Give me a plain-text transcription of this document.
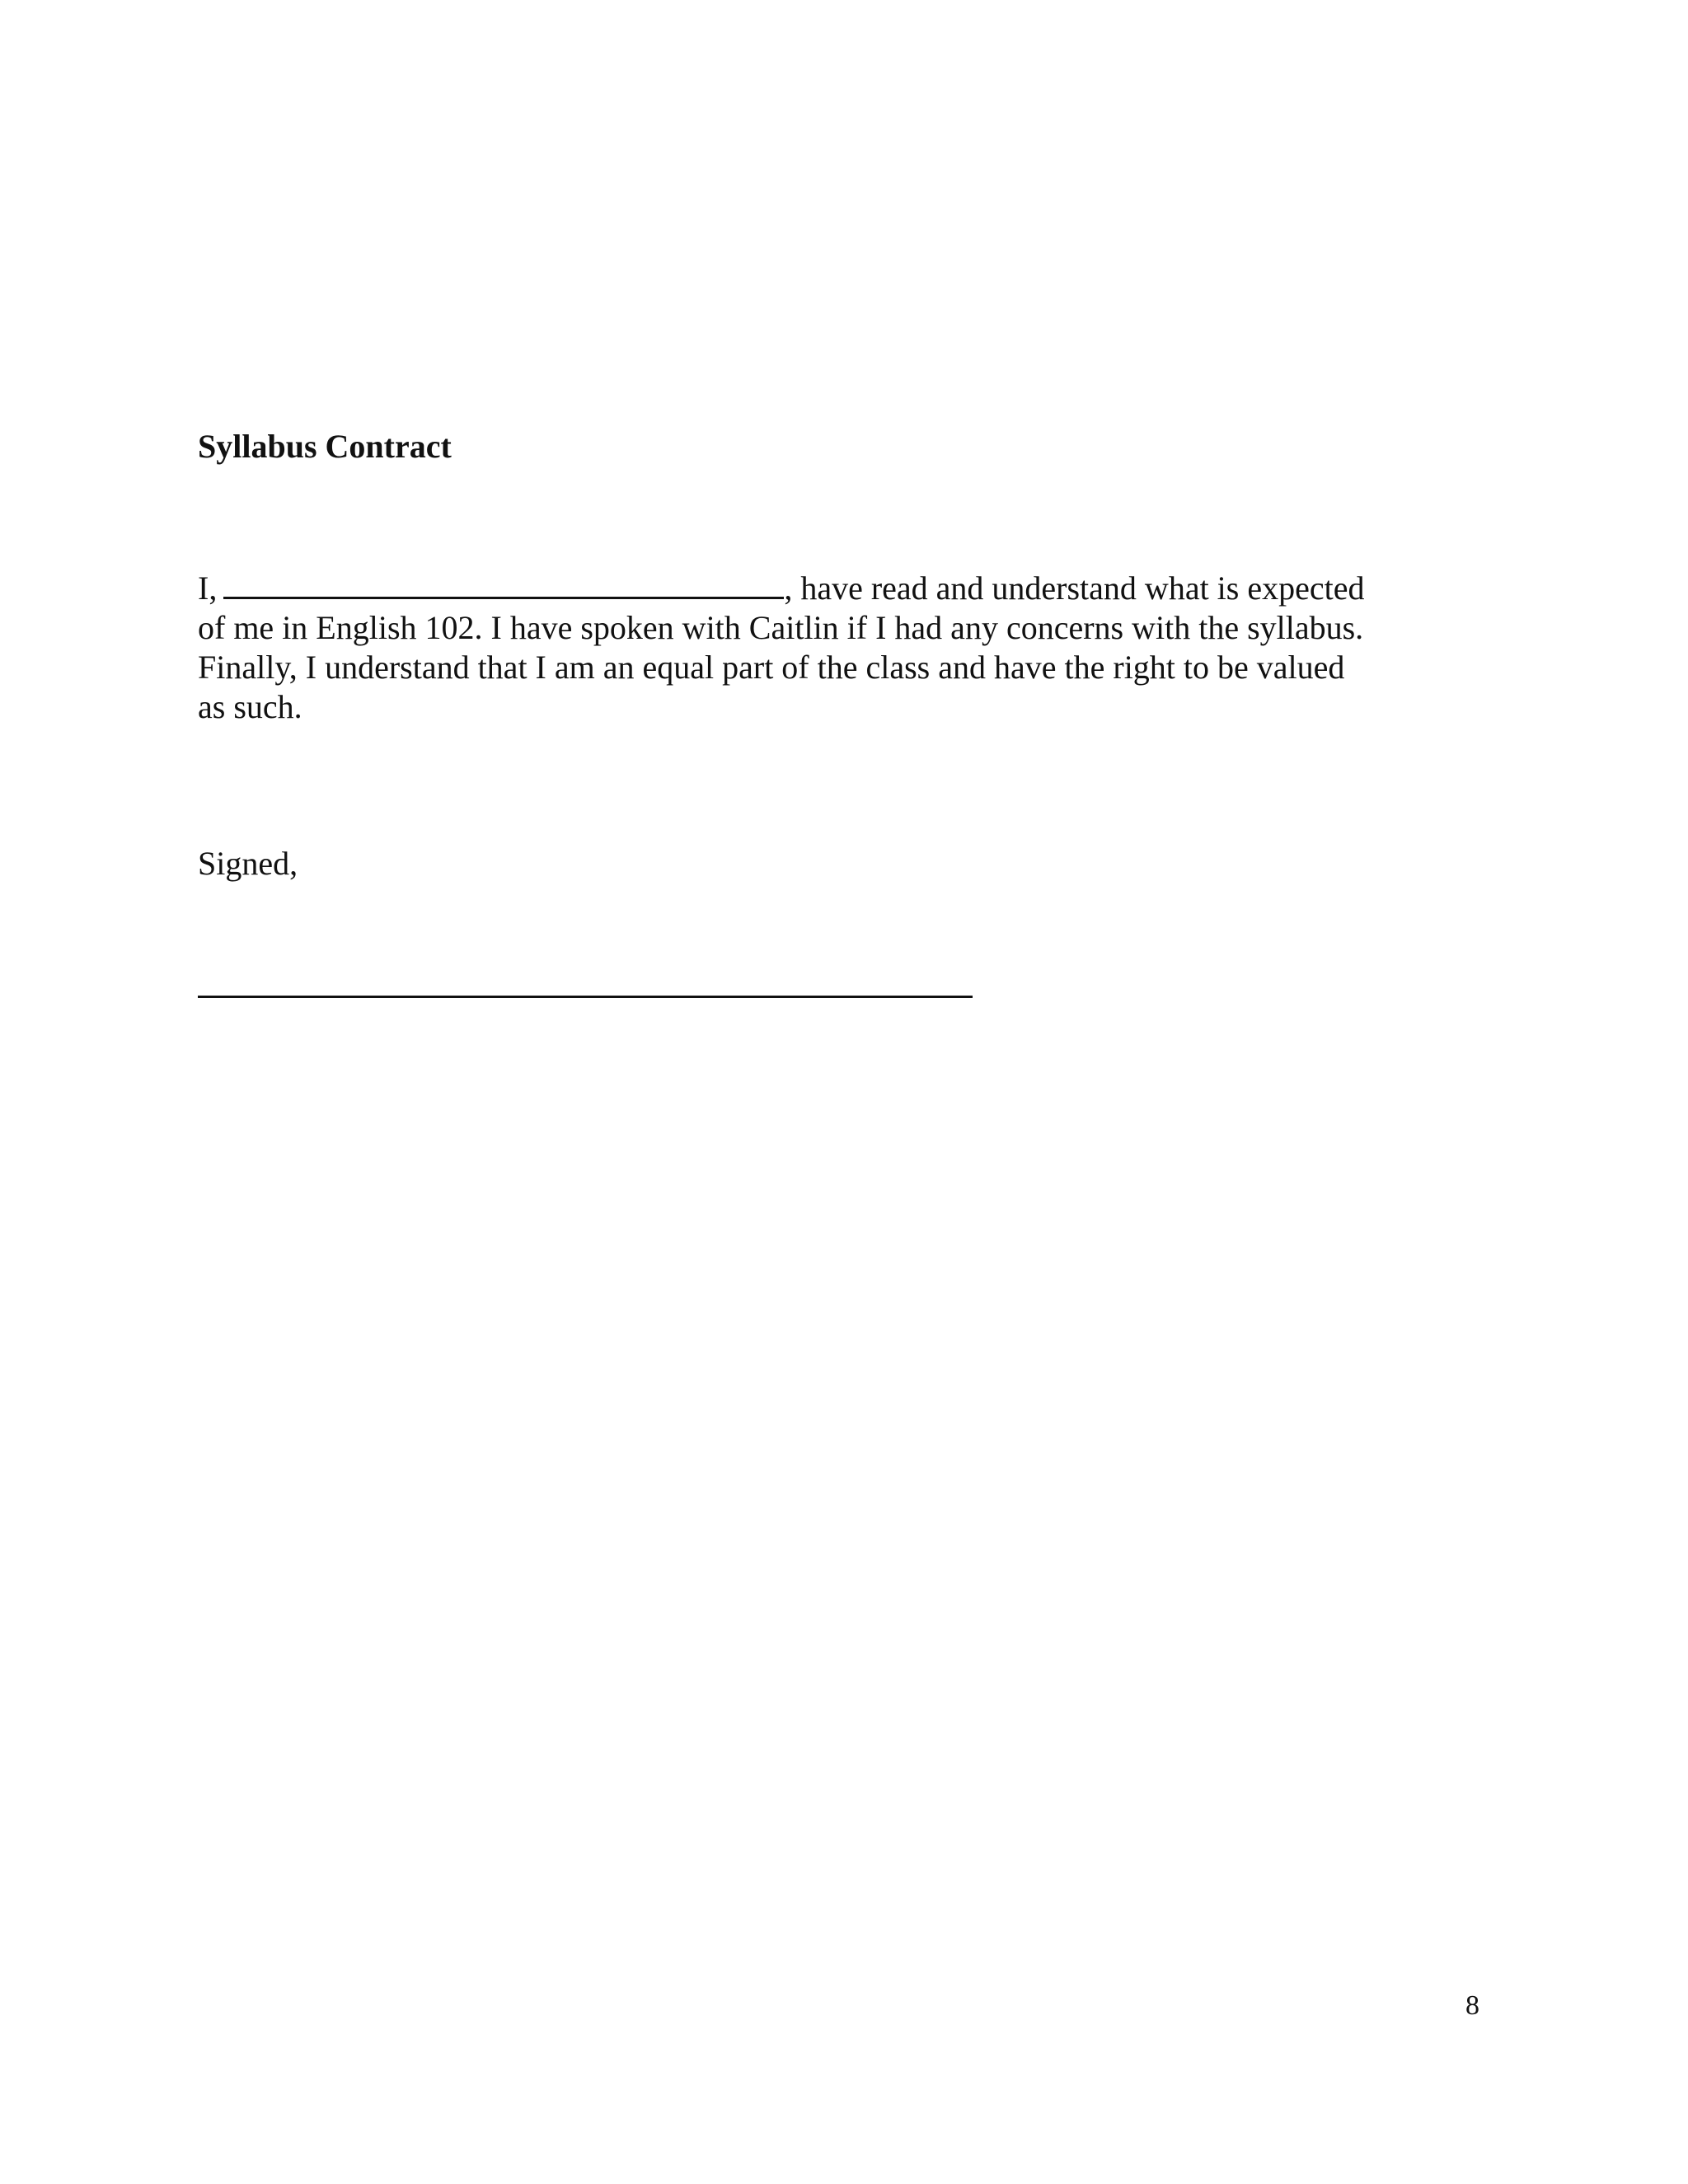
Syllabus Contract
I,	, have read and understand what is expected
of me in English 102. I have spoken with Caitlin if I had any concerns with the syllabus.
Finally, I understand that I am an equal part of the class and have the right to be valued
as such.

Signed,

8
